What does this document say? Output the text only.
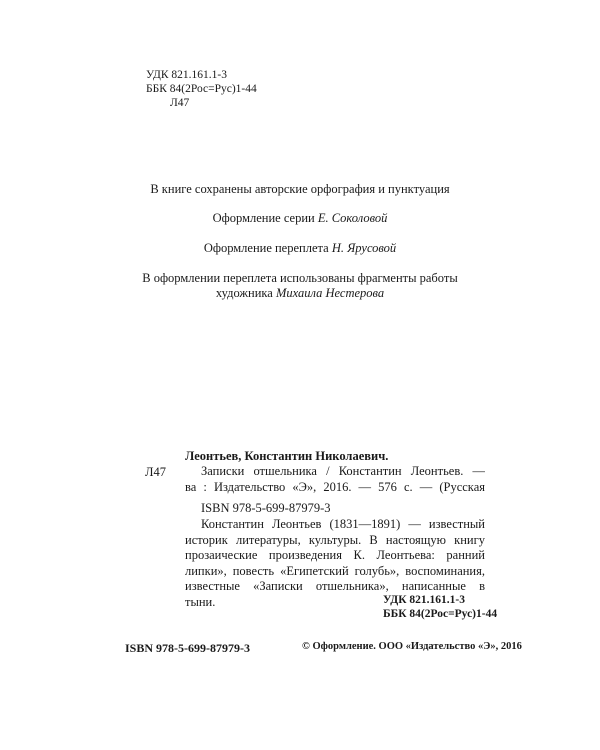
УДК 821.161.1-3
ББК 84(2Рос=Рус)1-44
Л47
В книге сохранены авторские орфография и пунктуация
Оформление серии Е. Соколовой
Оформление переплета Н. Ярусовой
В оформлении переплета использованы фрагменты работы
художника Михаила Нестерова
Леонтьев, Константин Николаевич.
Л47	Записки отшельника / Константин Леонтьев. —
ва : Издательство «Э», 2016. — 576 с. — (Русская
ISBN 978-5-699-87979-3
Константин Леонтьев (1831—1891) — известный
историк литературы, культуры. В настоящую книгу
прозаические произведения К. Леонтьева: ранний
липки», повесть «Египетский голубь», воспоминания,
известные «Записки отшельника», написанные в
тыни.	УДК 821.161.1-3
ББК 84(2Рос=Рус)1-44
ISBN 978-5-699-87979-3	© Оформление. ООО «Издательство «Э», 2016
